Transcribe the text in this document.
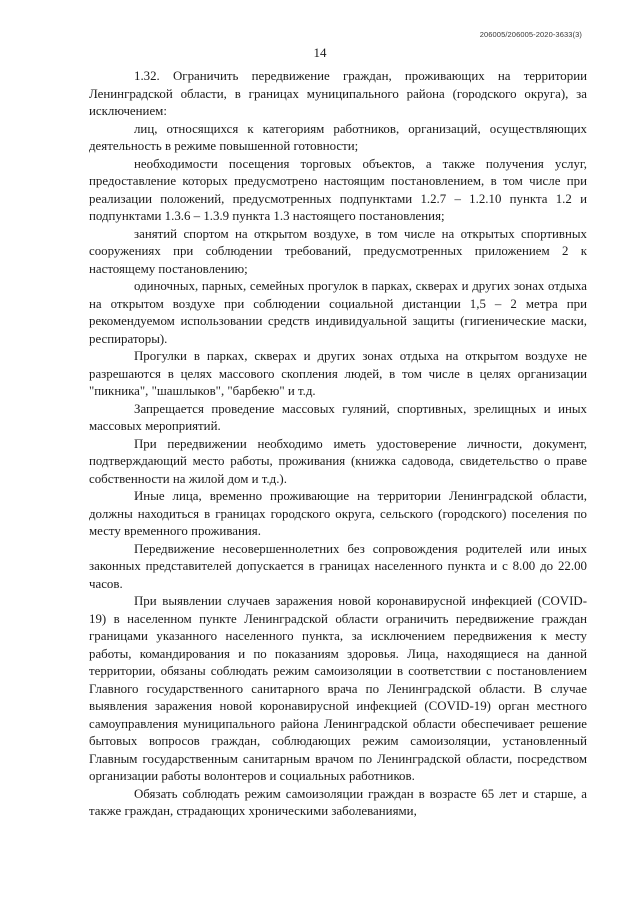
206005/206005-2020-3633(3)
14

1.32. Ограничить передвижение граждан, проживающих на территории Ленинградской области, в границах муниципального района (городского округа), за исключением:

лиц, относящихся к категориям работников, организаций, осуществляющих деятельность в режиме повышенной готовности;

необходимости посещения торговых объектов, а также получения услуг, предоставление которых предусмотрено настоящим постановлением, в том числе при реализации положений, предусмотренных подпунктами 1.2.7 – 1.2.10 пункта 1.2 и подпунктами 1.3.6 – 1.3.9 пункта 1.3 настоящего постановления;

занятий спортом на открытом воздухе, в том числе на открытых спортивных сооружениях при соблюдении требований, предусмотренных приложением 2 к настоящему постановлению;

одиночных, парных, семейных прогулок в парках, скверах и других зонах отдыха на открытом воздухе при соблюдении социальной дистанции 1,5 – 2 метра при рекомендуемом использовании средств индивидуальной защиты (гигиенические маски, респираторы).

Прогулки в парках, скверах и других зонах отдыха на открытом воздухе не разрешаются в целях массового скопления людей, в том числе в целях организации "пикника", "шашлыков", "барбекю" и т.д.

Запрещается проведение массовых гуляний, спортивных, зрелищных и иных массовых мероприятий.

При передвижении необходимо иметь удостоверение личности, документ, подтверждающий место работы, проживания (книжка садовода, свидетельство о праве собственности на жилой дом и т.д.).

Иные лица, временно проживающие на территории Ленинградской области, должны находиться в границах городского округа, сельского (городского) поселения по месту временного проживания.

Передвижение несовершеннолетних без сопровождения родителей или иных законных представителей допускается в границах населенного пункта и с 8.00 до 22.00 часов.

При выявлении случаев заражения новой коронавирусной инфекцией (COVID-19) в населенном пункте Ленинградской области ограничить передвижение граждан границами указанного населенного пункта, за исключением передвижения к месту работы, командирования и по показаниям здоровья. Лица, находящиеся на данной территории, обязаны соблюдать режим самоизоляции в соответствии с постановлением Главного государственного санитарного врача по Ленинградской области. В случае выявления заражения новой коронавирусной инфекцией (COVID-19) орган местного самоуправления муниципального района Ленинградской области обеспечивает решение бытовых вопросов граждан, соблюдающих режим самоизоляции, установленный Главным государственным санитарным врачом по Ленинградской области, посредством организации работы волонтеров и социальных работников.

Обязать соблюдать режим самоизоляции граждан в возрасте 65 лет и старше, а также граждан, страдающих хроническими заболеваниями,
